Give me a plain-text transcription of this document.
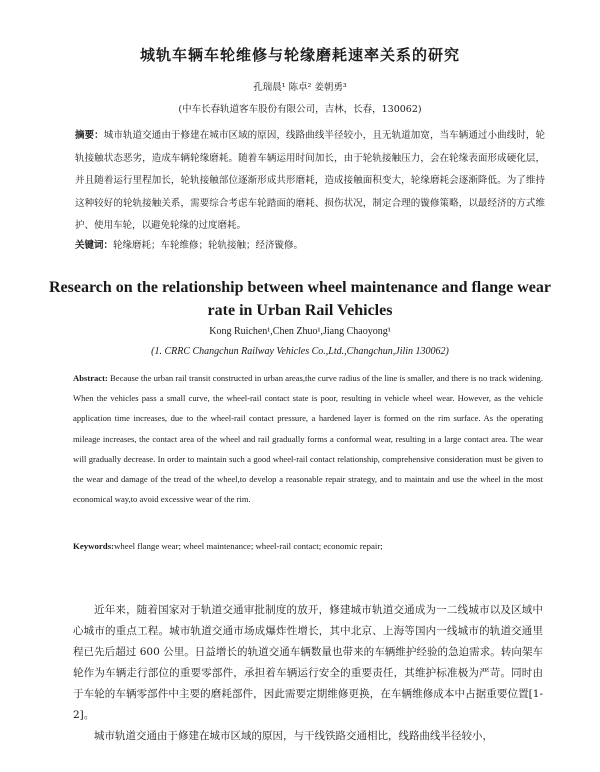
城轨车辆车轮维修与轮缘磨耗速率关系的研究
孔瑞晨¹ 陈卓² 姜朝勇³
(中车长春轨道客车股份有限公司，吉林，长春，130062)
摘要：城市轨道交通由于修建在城市区域的原因，线路曲线半径较小，且无轨道加宽，当车辆通过小曲线时，轮轨接触状态恶劣，造成车辆轮缘磨耗。随着车辆运用时间加长，由于轮轨接触压力，会在轮缘表面形成硬化层，并且随着运行里程加长，轮轨接触部位逐渐形成共形磨耗，造成接触面积变大，轮缘磨耗会逐渐降低。为了维持这种较好的轮轨接触关系，需要综合考虑车轮踏面的磨耗、损伤状况，制定合理的镟修策略，以最经济的方式维护、使用车轮，以避免轮缘的过度磨耗。
关键词：轮缘磨耗；车轮维修；轮轨接触；经济镟修。
Research on the relationship between wheel maintenance and flange wear rate in Urban Rail Vehicles
Kong Ruichen¹,Chen Zhuo¹,Jiang Chaoyong¹
(1. CRRC Changchun Railway Vehicles Co.,Ltd.,Changchun,Jilin 130062)
Abstract: Because the urban rail transit constructed in urban areas,the curve radius of the line is smaller, and there is no track widening. When the vehicles pass a small curve, the wheel-rail contact state is poor, resulting in vehicle wheel wear. However, as the vehicle application time increases, due to the wheel-rail contact pressure, a hardened layer is formed on the rim surface. As the operating mileage increases, the contact area of the wheel and rail gradually forms a conformal wear, resulting in a large contact area. The wear will gradually decrease. In order to maintain such a good wheel-rail contact relationship, comprehensive consideration must be given to the wear and damage of the tread of the wheel,to develop a reasonable repair strategy, and to maintain and use the wheel in the most economical way,to avoid excessive wear of the rim.
Keywords:wheel flange wear; wheel maintenance; wheel-rail contact; economic repair;

近年来，随着国家对于轨道交通审批制度的放开，修建城市轨道交通成为一二线城市以及区域中心城市的重点工程。城市轨道交通市场成爆炸性增长，其中北京、上海等国内一线城市的轨道交通里程已先后超过 600 公里。日益增长的轨道交通车辆数量也带来的车辆维护经验的急迫需求。转向架车轮作为车辆走行部位的重要零部件，承担着车辆运行安全的重要责任，其维护标准极为严苛。同时由于车轮的车辆零部件中主要的磨耗部件，因此需要定期维修更换，在车辆维修成本中占据重要位置[1-2]。

城市轨道交通由于修建在城市区域的原因，与干线铁路交通相比，线路曲线半径较小，
